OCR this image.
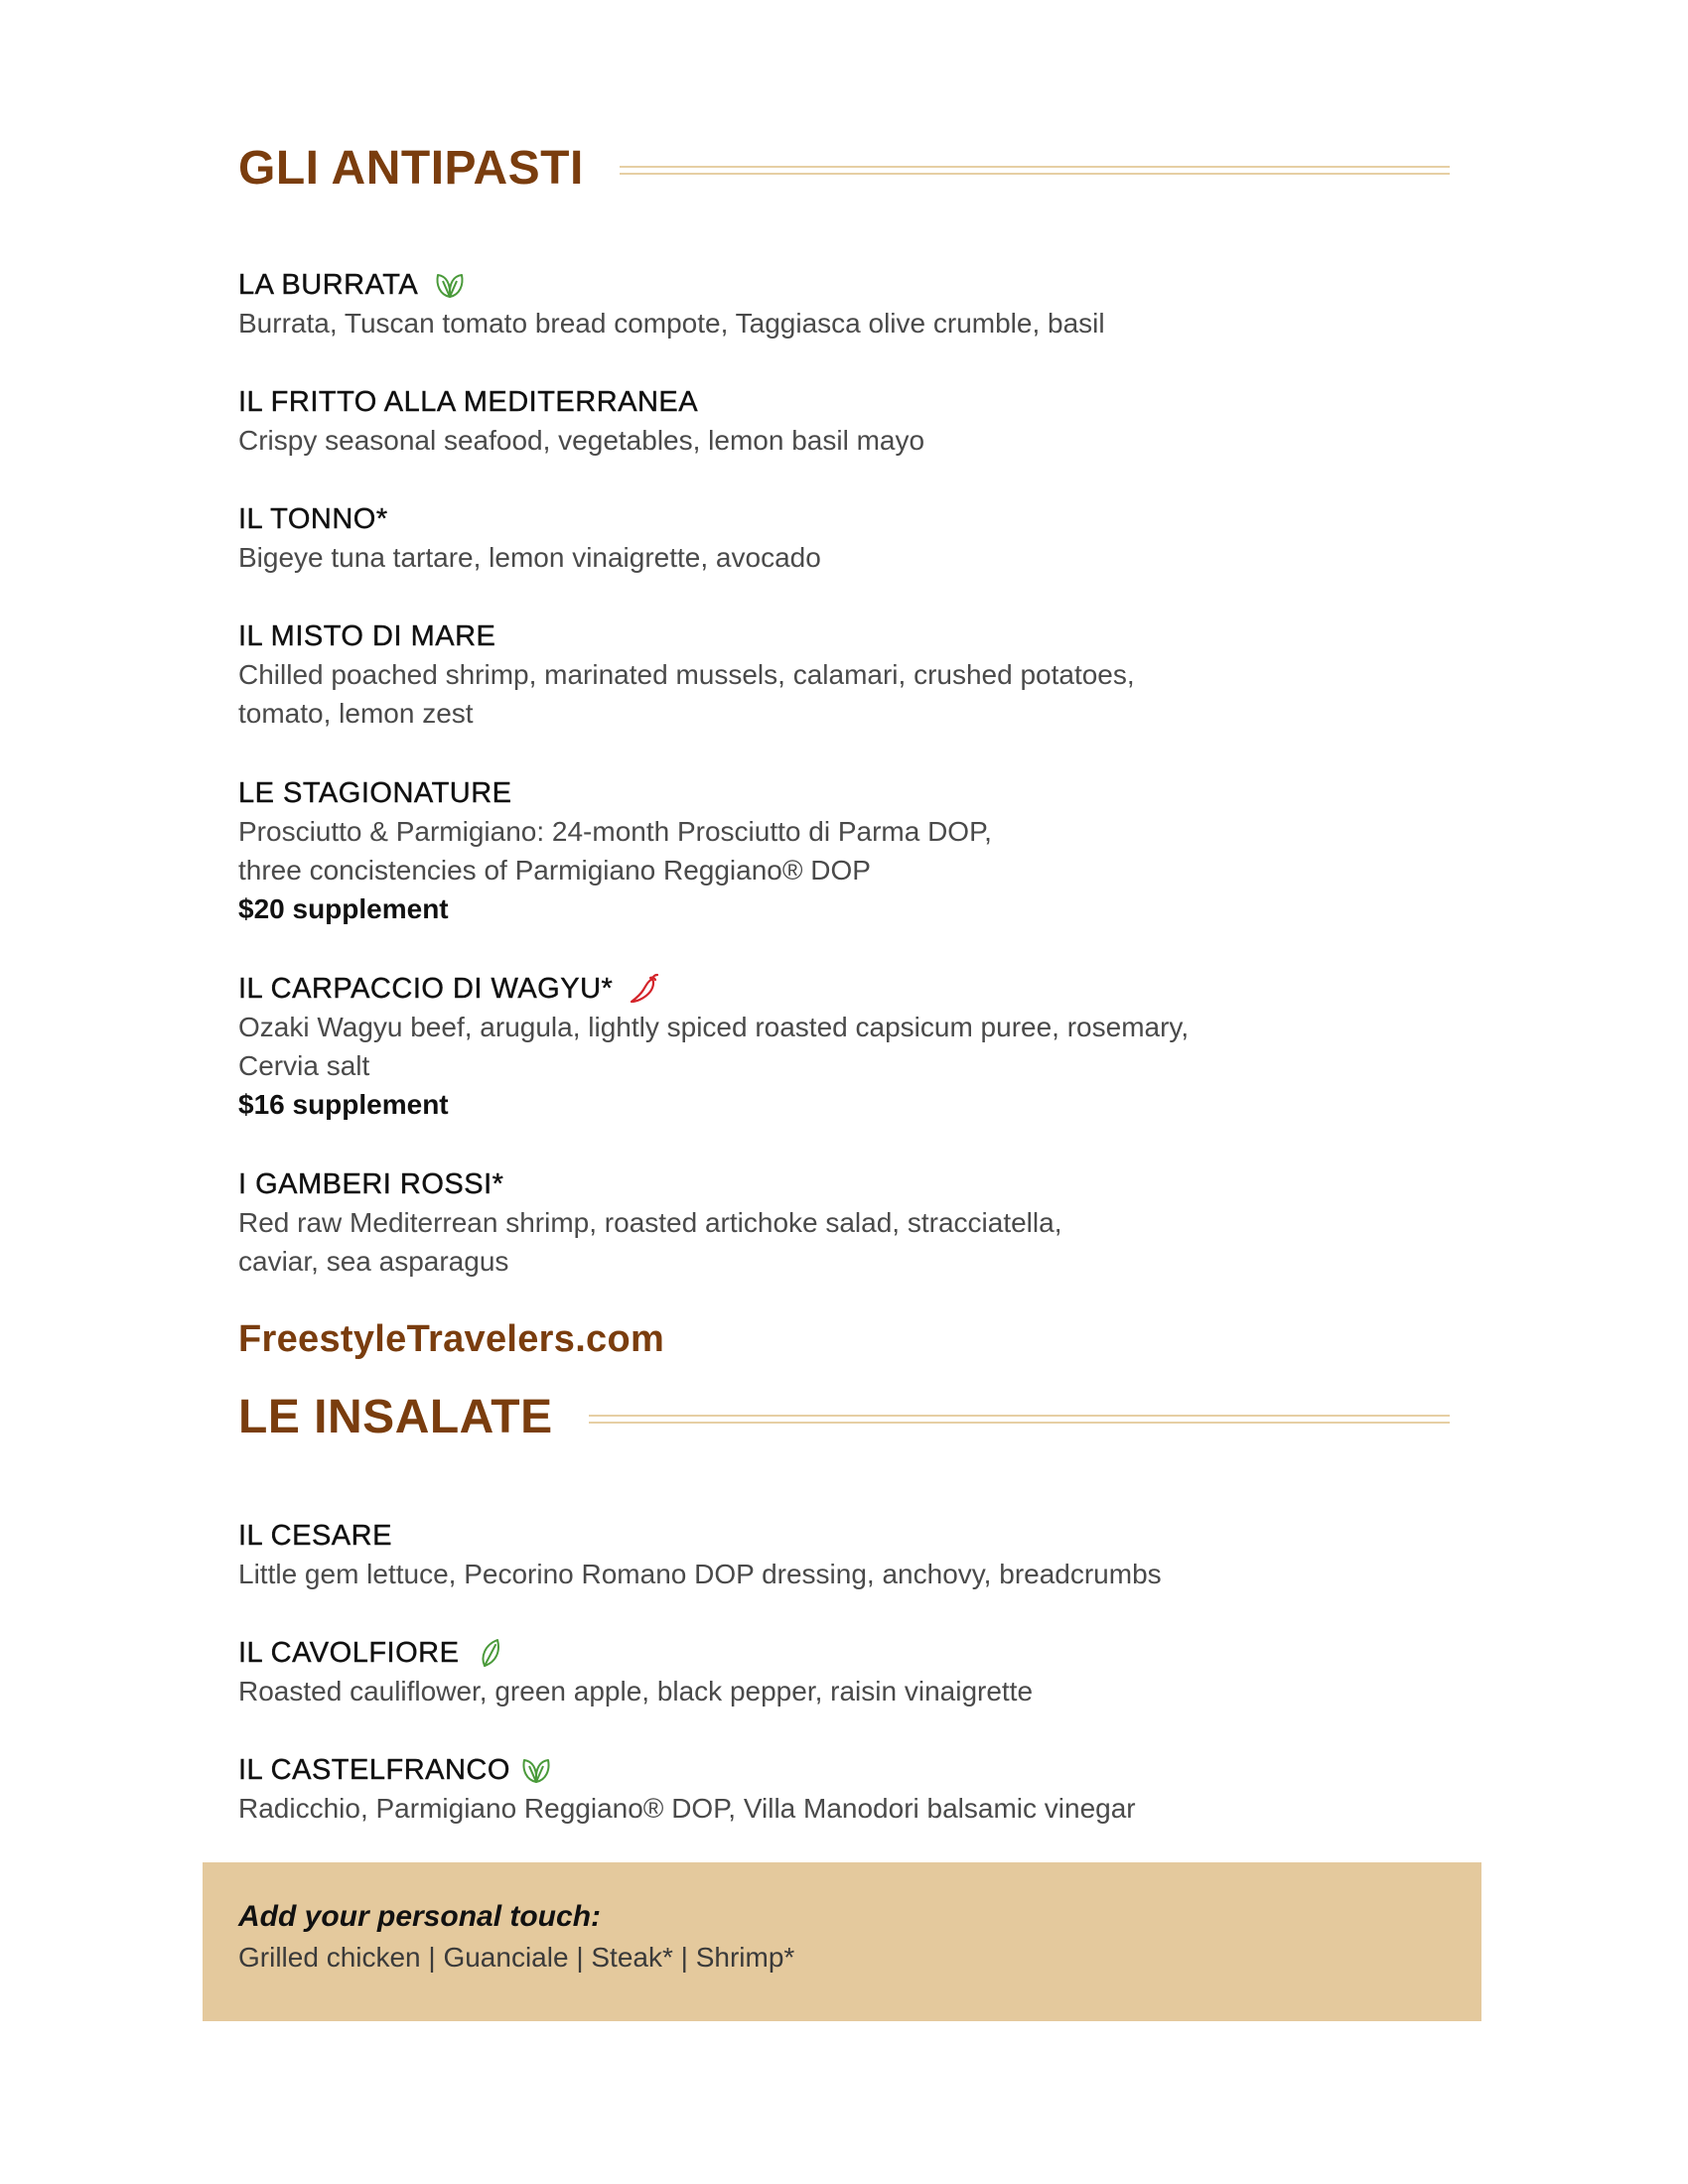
GLI ANTIPASTI
LA BURRATA
Burrata, Tuscan tomato bread compote, Taggiasca olive crumble, basil
IL FRITTO ALLA MEDITERRANEA
Crispy seasonal seafood, vegetables, lemon basil mayo
IL TONNO*
Bigeye tuna tartare, lemon vinaigrette, avocado
IL MISTO DI MARE
Chilled poached shrimp, marinated mussels, calamari, crushed potatoes,
tomato, lemon zest
LE STAGIONATURE
Prosciutto & Parmigiano: 24-month Prosciutto di Parma DOP,
three concistencies of Parmigiano Reggiano® DOP
$20 supplement
IL CARPACCIO DI WAGYU*
Ozaki Wagyu beef, arugula, lightly spiced roasted capsicum puree, rosemary,
Cervia salt
$16 supplement
I GAMBERI ROSSI*
Red raw Mediterrean shrimp, roasted artichoke salad, stracciatella,
caviar, sea asparagus
FreestyleTravelers.com
LE INSALATE
IL CESARE
Little gem lettuce, Pecorino Romano DOP dressing, anchovy, breadcrumbs
IL CAVOLFIORE
Roasted cauliflower, green apple, black pepper, raisin vinaigrette
IL CASTELFRANCO
Radicchio, Parmigiano Reggiano® DOP, Villa Manodori balsamic vinegar
Add your personal touch:
Grilled chicken | Guanciale | Steak* | Shrimp*
